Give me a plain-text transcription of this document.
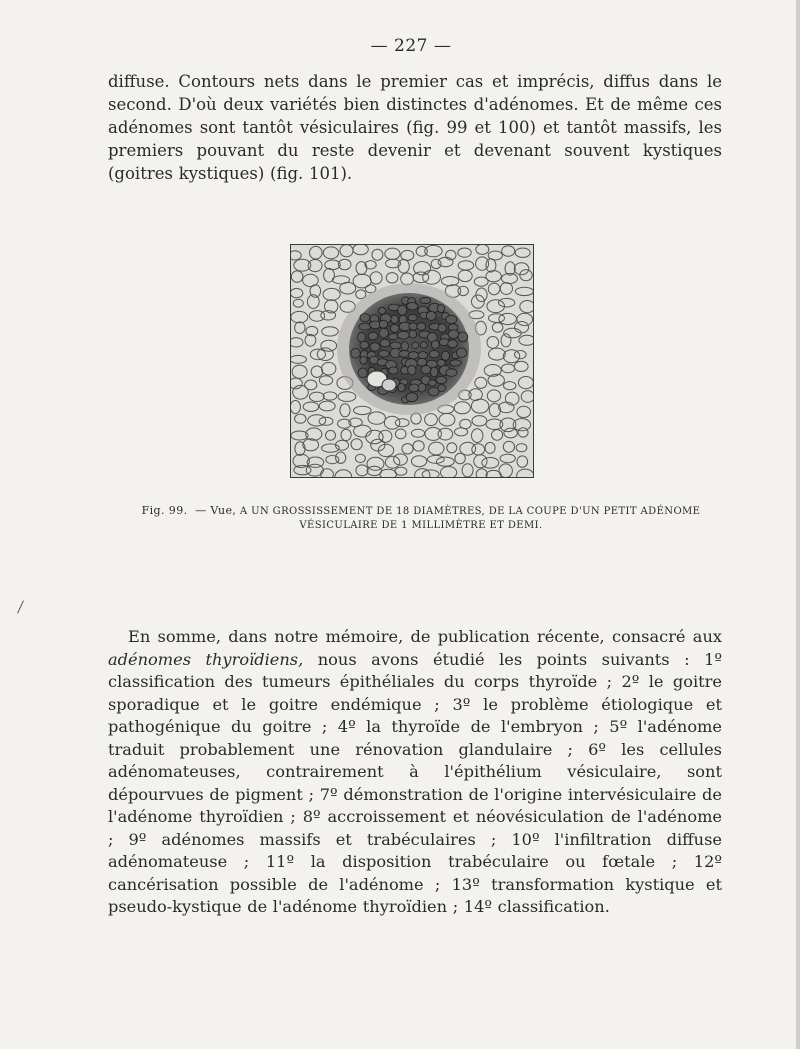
— 227 —

diffuse. Contours nets dans le premier cas et imprécis, diffus dans le second. D'où deux variétés bien distinctes d'adénomes. Et de même ces adénomes sont tantôt vésiculaires (fig. 99 et 100) et tantôt massifs, les premiers pouvant du reste devenir et devenant souvent kystiques (goitres kystiques) (fig. 101).

Fig. 99. — Vue, A UN GROSSISSEMENT DE 18 DIAMÈTRES, DE LA COUPE D'UN PETIT ADÉNOME VÉSICULAIRE DE 1 MILLIMÈTRE ET DEMI.

En somme, dans notre mémoire, de publication récente, consacré aux adénomes thyroïdiens, nous avons étudié les points suivants : 1º classification des tumeurs épithéliales du corps thyroïde ; 2º le goitre sporadique et le goitre endémique ; 3º le problème étiologique et pathogénique du goitre ; 4º la thyroïde de l'embryon ; 5º l'adénome traduit probablement une rénovation glandulaire ; 6º les cellules adénomateuses, contrairement à l'épithélium vésiculaire, sont dépourvues de pigment ; 7º démonstration de l'origine intervésiculaire de l'adénome thyroïdien ; 8º accroissement et néovésiculation de l'adénome ; 9º adénomes massifs et trabéculaires ; 10º l'infiltration diffuse adénomateuse ; 11º la disposition trabéculaire ou fœtale ; 12º cancérisation possible de l'adénome ; 13º transformation kystique et pseudo-kystique de l'adénome thyroïdien ; 14º classification.
